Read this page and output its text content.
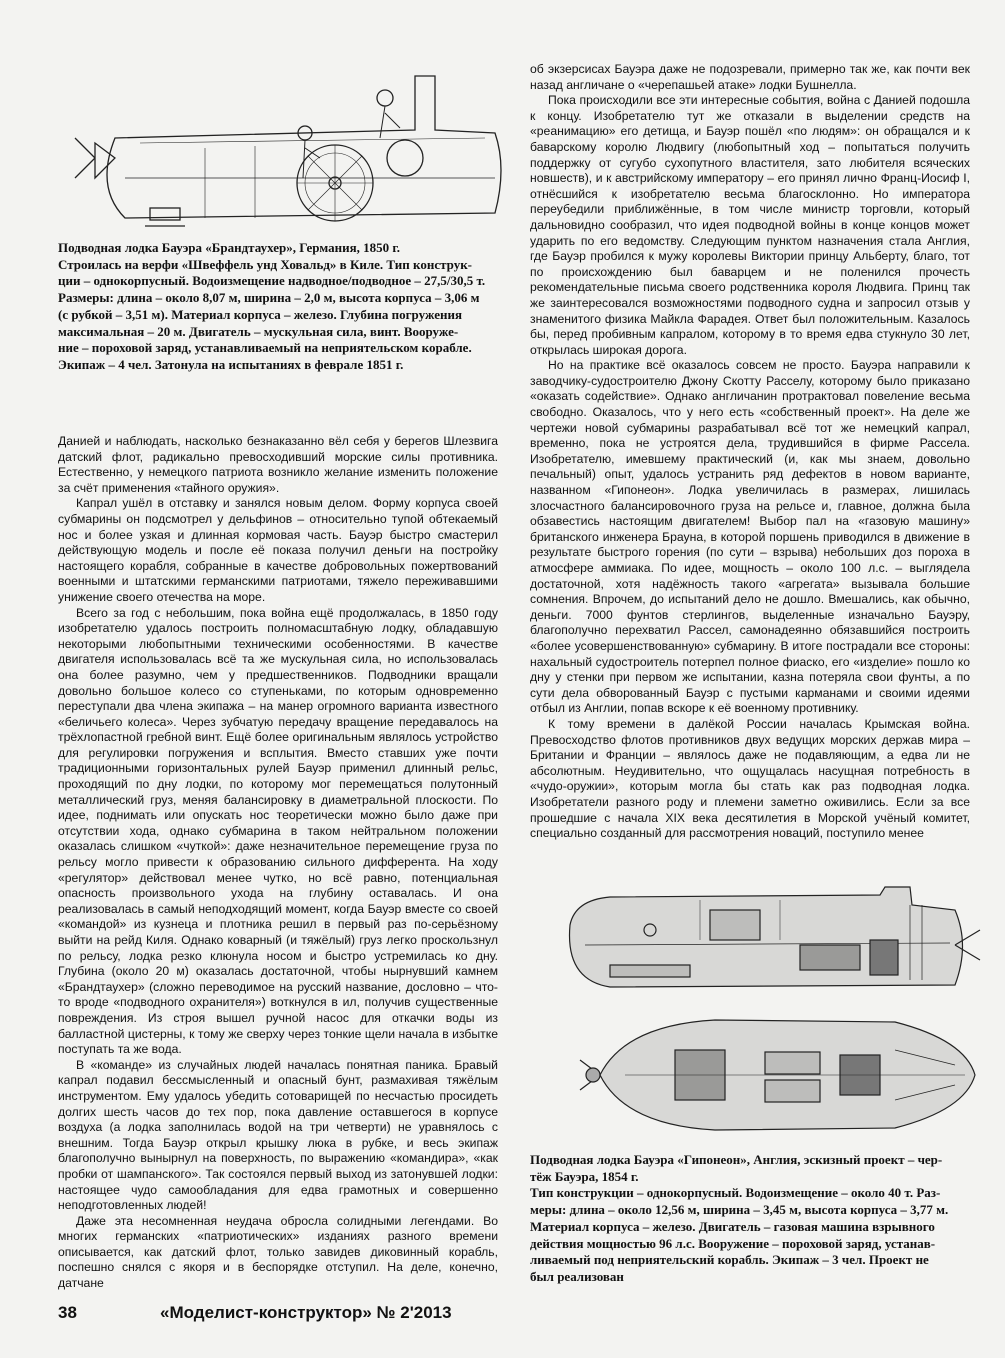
Подводная лодка Бауэра «Брандтаухер», Германия, 1850 г.
Строилась на верфи «Швеффель унд Ховальд» в Киле. Тип конструк-
ции – однокорпусный. Водоизмещение надводное/подводное – 27,5/30,5 т.
Размеры: длина – около 8,07 м, ширина – 2,0 м, высота корпуса – 3,06 м
(с рубкой – 3,51 м). Материал корпуса – железо. Глубина погружения
максимальная – 20 м. Двигатель – мускульная сила, винт. Вооруже-
ние – пороховой заряд, устанавливаемый на неприятельском корабле.
Экипаж – 4 чел. Затонула на испытаниях в феврале 1851 г.

Данией и наблюдать, насколько безнаказанно вёл себя у берегов Шлезвига датский флот, радикально превосходивший морские силы противника. Естественно, у немецкого патриота возникло желание изменить положение за счёт применения «тайного оружия».

Капрал ушёл в отставку и занялся новым делом. Форму корпуса своей субмарины он подсмотрел у дельфинов – относительно тупой обтекаемый нос и более узкая и длинная кормовая часть. Бауэр быстро смастерил действующую модель и после её показа получил деньги на постройку настоящего корабля, собранные в качестве добровольных пожертвований военными и штатскими германскими патриотами, тяжело переживавшими унижение своего отечества на море.

Всего за год с небольшим, пока война ещё продолжалась, в 1850 году изобретателю удалось построить полномасштабную лодку, обладавшую некоторыми любопытными техническими особенностями. В качестве двигателя использовалась всё та же мускульная сила, но использовалась она более разумно, чем у предшественников. Подводники вращали довольно большое колесо со ступеньками, по которым одновременно переступали два члена экипажа – на манер огромного варианта известного «беличьего колеса». Через зубчатую передачу вращение передавалось на трёхлопастной гребной винт. Ещё более оригинальным являлось устройство для регулировки погружения и всплытия. Вместо ставших уже почти традиционными горизонтальных рулей Бауэр применил длинный рельс, проходящий по дну лодки, по которому мог перемещаться полутонный металлический груз, меняя балансировку в диаметральной плоскости. По идее, поднимать или опускать нос теоретически можно было даже при отсутствии хода, однако субмарина в таком нейтральном положении оказалась слишком «чуткой»: даже незначительное перемещение груза по рельсу могло привести к образованию сильного дифферента. На ходу «регулятор» действовал менее чутко, но всё равно, потенциальная опасность произвольного ухода на глубину оставалась. И она реализовалась в самый неподходящий момент, когда Бауэр вместе со своей «командой» из кузнеца и плотника решил в первый раз по-серьёзному выйти на рейд Киля. Однако коварный (и тяжёлый) груз легко проскользнул по рельсу, лодка резко клюнула носом и быстро устремилась ко дну. Глубина (около 20 м) оказалась достаточной, чтобы нырнувший камнем «Брандтаухер» (сложно переводимое на русский название, дословно – что-то вроде «подводного охранителя») воткнулся в ил, получив существенные повреждения. Из строя вышел ручной насос для откачки воды из балластной цистерны, к тому же сверху через тонкие щели начала в избытке поступать та же вода.

В «команде» из случайных людей началась понятная паника. Бравый капрал подавил бессмысленный и опасный бунт, размахивая тяжёлым инструментом. Ему удалось убедить сотоварищей по несчастью просидеть долгих шесть часов до тех пор, пока давление оставшегося в корпусе воздуха (а лодка заполнилась водой на три четверти) не уравнялось с внешним. Тогда Бауэр открыл крышку люка в рубке, и весь экипаж благополучно вынырнул на поверхность, по выражению «командира», «как пробки от шампанского». Так состоялся первый выход из затонувшей лодки: настоящее чудо самообладания для едва грамотных и совершенно неподготовленных людей!

Даже эта несомненная неудача обросла солидными легендами. Во многих германских «патриотических» изданиях разного времени описывается, как датский флот, только завидев диковинный корабль, поспешно снялся с якоря и в беспорядке отступил. На деле, конечно, датчане

об экзерсисах Бауэра даже не подозревали, примерно так же, как почти век назад англичане о «черепашьей атаке» лодки Бушнелла.

Пока происходили все эти интересные события, война с Данией подошла к концу. Изобретателю тут же отказали в выделении средств на «реанимацию» его детища, и Бауэр пошёл «по людям»: он обращался и к баварскому королю Людвигу (любопытный ход – попытаться получить поддержку от сугубо сухопутного властителя, зато любителя всяческих новшеств), и к австрийскому императору – его принял лично Франц-Иосиф I, отнёсшийся к изобретателю весьма благосклонно. Но императора переубедили приближённые, в том числе министр торговли, который дальновидно сообразил, что идея подводной войны в конце концов может ударить по его ведомству. Следующим пунктом назначения стала Англия, где Бауэр пробился к мужу королевы Виктории принцу Альберту, благо, тот по происхождению был баварцем и не поленился прочесть рекомендательные письма своего родственника короля Людвига. Принц так же заинтересовался возможностями подводного судна и запросил отзыв у знаменитого физика Майкла Фарадея. Ответ был положительным. Казалось бы, перед пробивным капралом, которому в то время едва стукнуло 30 лет, открылась широкая дорога.

Но на практике всё оказалось совсем не просто. Бауэра направили к заводчику-судостроителю Джону Скотту Расселу, которому было приказано «оказать содействие». Однако англичанин протрактовал повеление весьма свободно. Оказалось, что у него есть «собственный проект». На деле же чертежи новой субмарины разрабатывал всё тот же немецкий капрал, временно, пока не устроятся дела, трудившийся в фирме Рассела. Изобретателю, имевшему практический (и, как мы знаем, довольно печальный) опыт, удалось устранить ряд дефектов в новом варианте, названном «Гипонеон». Лодка увеличилась в размерах, лишилась злосчастного балансировочного груза на рельсе и, главное, должна была обзавестись настоящим двигателем! Выбор пал на «газовую машину» британского инженера Брауна, в которой поршень приводился в движение в результате быстрого горения (по сути – взрыва) небольших доз пороха в атмосфере аммиака. По идее, мощность – около 100 л.с. – выглядела достаточной, хотя надёжность такого «агрегата» вызывала большие сомнения. Впрочем, до испытаний дело не дошло. Вмешались, как обычно, деньги. 7000 фунтов стерлингов, выделенные изначально Бауэру, благополучно перехватил Рассел, самонадеянно обязавшийся построить «более усовершенствованную» субмарину. В итоге пострадали все стороны: нахальный судостроитель потерпел полное фиаско, его «изделие» пошло ко дну у стенки при первом же испытании, казна потеряла свои фунты, а по сути дела обворованный Бауэр с пустыми карманами и своими идеями отбыл из Англии, попав вскоре к её военному противнику.

К тому времени в далёкой России началась Крымская война. Превосходство флотов противников двух ведущих морских держав мира – Британии и Франции – являлось даже не подавляющим, а едва ли не абсолютным. Неудивительно, что ощущалась насущная потребность в «чудо-оружии», которым могла бы стать как раз подводная лодка. Изобретатели разного роду и племени заметно оживились. Если за все прошедшие с начала XIX века десятилетия в Морской учёный комитет, специально созданный для рассмотрения новаций, поступило менее

Подводная лодка Бауэра «Гипонеон», Англия, эскизный проект – чер-
тёж Бауэра, 1854 г.
Тип конструкции – однокорпусный. Водоизмещение – около 40 т. Раз-
меры: длина – около 12,56 м, ширина – 3,45 м, высота корпуса – 3,77 м.
Материал корпуса – железо. Двигатель – газовая машина взрывного
действия мощностью 96 л.с. Вооружение – пороховой заряд, устанав-
ливаемый под неприятельский корабль. Экипаж – 3 чел. Проект не
был реализован
38	«Моделист-конструктор» № 2'2013
